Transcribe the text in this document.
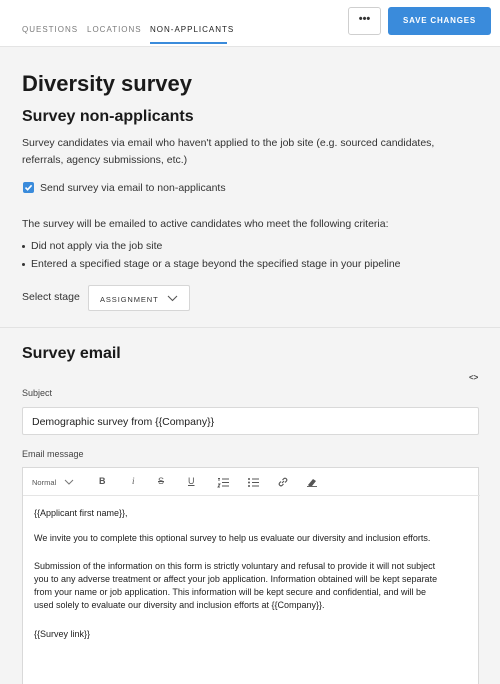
QUESTIONS LOCATIONS NON-APPLICANTS
•••	SAVE CHANGES
Diversity survey
Survey non-applicants
Survey candidates via email who haven't applied to the job site (e.g. sourced candidates, referrals, agency submissions, etc.)
Send survey via email to non-applicants
The survey will be emailed to active candidates who meet the following criteria:
Did not apply via the job site
Entered a specified stage or a stage beyond the specified stage in your pipeline
Select stage	ASSIGNMENT
Survey email
<>
Subject
Demographic survey from {{Company}}
Email message
Normal	B	i	S	U
{{Applicant first name}},
We invite you to complete this optional survey to help us evaluate our diversity and inclusion efforts.
Submission of the information on this form is strictly voluntary and refusal to provide it will not subject
you to any adverse treatment or affect your job application. Information obtained will be kept separate
from your name or job application. This information will be kept secure and confidential, and will be
used solely to evaluate our diversity and inclusion efforts at {{Company}}.
{{Survey link}}
